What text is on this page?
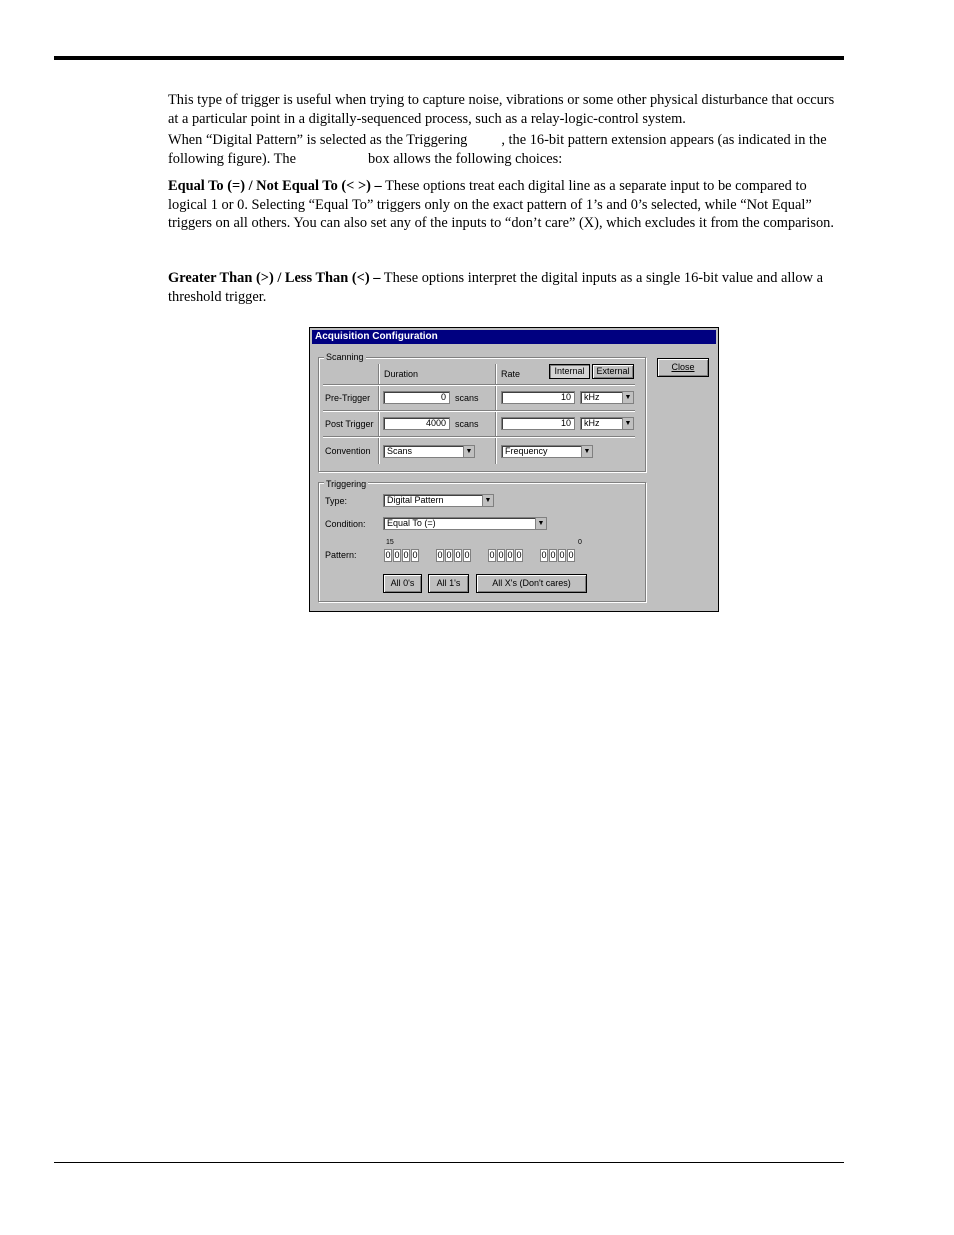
This type of trigger is useful when trying to capture noise, vibrations or some other physical disturbance that occurs at a particular point in a digitally-sequenced process, such as a relay-logic-control system.
When “Digital Pattern” is selected as the Triggering , the 16-bit pattern extension appears (as indicated in the following figure). The	box allows the following choices:
Equal To (=) / Not Equal To (< >) – These options treat each digital line as a separate input to be compared to logical 1 or 0. Selecting “Equal To” triggers only on the exact pattern of 1’s and 0’s selected, while “Not Equal” triggers on all others. You can also set any of the inputs to “don’t care” (X), which excludes it from the comparison.
Greater Than (>) / Less Than (<) – These options interpret the digital inputs as a single 16-bit value and allow a threshold trigger.
Acquisition Configuration
Close
Scanning
Duration	Rate	Internal	External
Pre-Trigger	0	scans	10	kHz	▼
Post Trigger	4000	scans	10	kHz	▼
Convention	Scans	▼	Frequency	▼
Triggering
Type:	Digital Pattern	▼
Condition:	Equal To (=)	▼
15	0
Pattern:	0 0 0 0 0 0 0 0 0 0 0 0 0 0 0 0
All 0's	All 1's	All X's (Don't cares)
